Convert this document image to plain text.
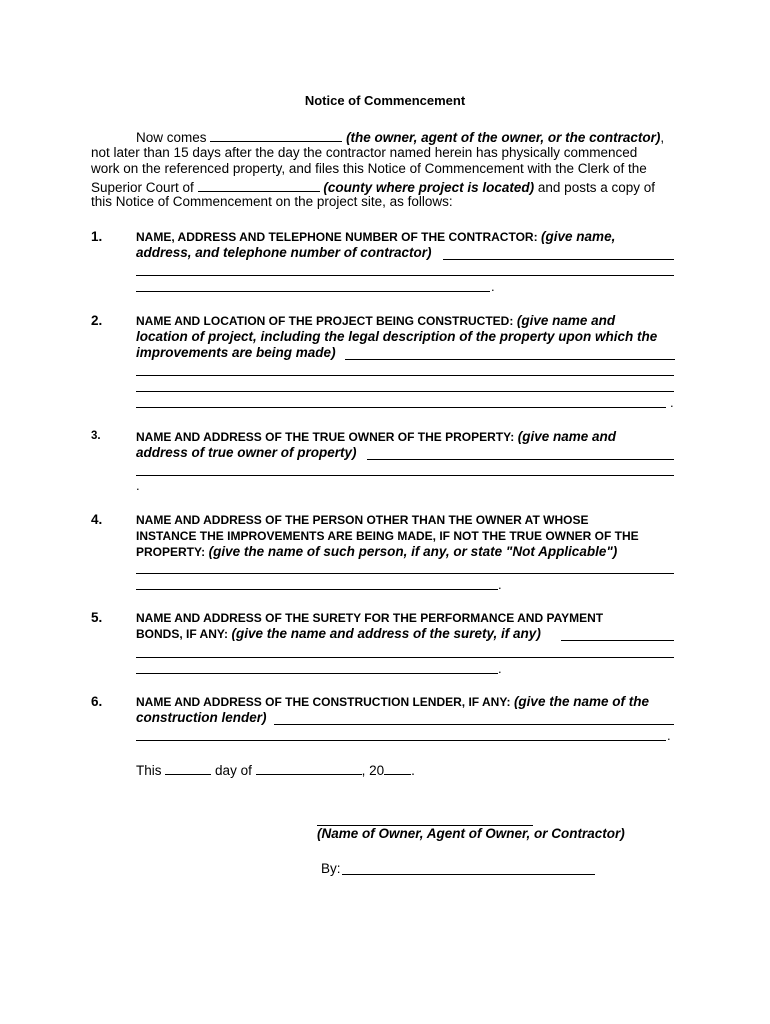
Notice of Commencement
Now comes	(the owner, agent of the owner, or the contractor),
not later than 15 days after the day the contractor named herein has physically commenced
work on the referenced property, and files this Notice of Commencement with the Clerk of the
Superior Court of	(county where project is located) and posts a copy of
this Notice of Commencement on the project site, as follows:
1.	NAME, ADDRESS AND TELEPHONE NUMBER OF THE CONTRACTOR: (give name,
address, and telephone number of contractor)
.
2.	NAME AND LOCATION OF THE PROJECT BEING CONSTRUCTED: (give name and
location of project, including the legal description of the property upon which the
improvements are being made)
.
3.	NAME AND ADDRESS OF THE TRUE OWNER OF THE PROPERTY: (give name and
address of true owner of property)
.
4.	NAME AND ADDRESS OF THE PERSON OTHER THAN THE OWNER AT WHOSE
INSTANCE THE IMPROVEMENTS ARE BEING MADE, IF NOT THE TRUE OWNER OF THE
PROPERTY: (give the name of such person, if any, or state "Not Applicable")
.
5.	NAME AND ADDRESS OF THE SURETY FOR THE PERFORMANCE AND PAYMENT
BONDS, IF ANY: (give the name and address of the surety, if any)
.
6.	NAME AND ADDRESS OF THE CONSTRUCTION LENDER, IF ANY: (give the name of the
construction lender)
.
This	day of	, 20 .
(Name of Owner, Agent of Owner, or Contractor)
By:
